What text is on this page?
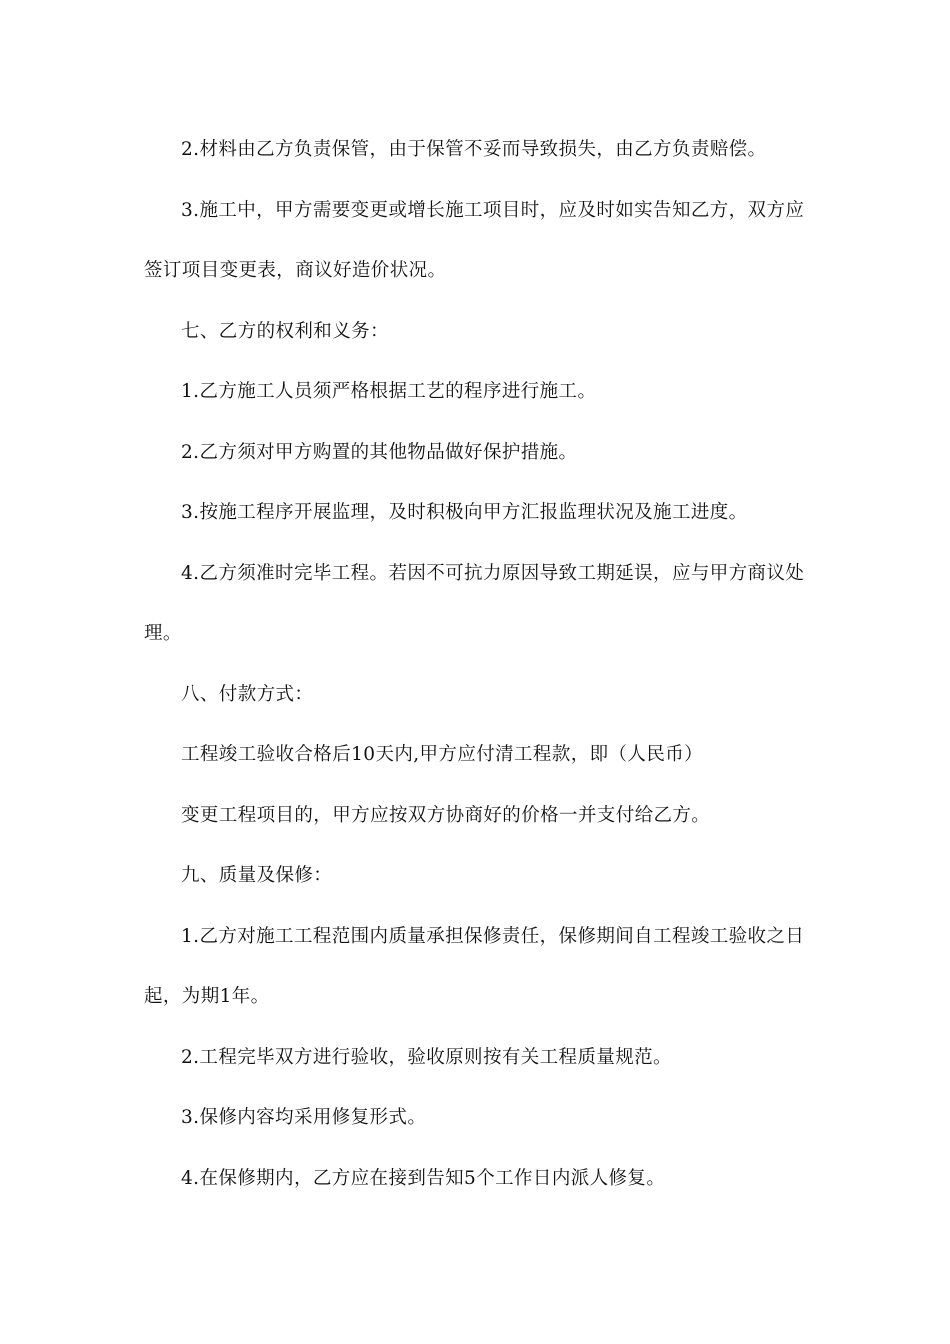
2.材料由乙方负责保管，由于保管不妥而导致损失，由乙方负责赔偿。

3.施工中，甲方需要变更或增长施工项目时，应及时如实告知乙方，双方应签订项目变更表，商议好造价状况。

七、乙方的权利和义务：

1.乙方施工人员须严格根据工艺的程序进行施工。

2.乙方须对甲方购置的其他物品做好保护措施。

3.按施工程序开展监理，及时积极向甲方汇报监理状况及施工进度。

4.乙方须准时完毕工程。若因不可抗力原因导致工期延误，应与甲方商议处理。

八、付款方式：

工程竣工验收合格后10天内,甲方应付清工程款，即（人民币）

变更工程项目的，甲方应按双方协商好的价格一并支付给乙方。

九、质量及保修：

1.乙方对施工工程范围内质量承担保修责任，保修期间自工程竣工验收之日起，为期1年。

2.工程完毕双方进行验收，验收原则按有关工程质量规范。

3.保修内容均采用修复形式。

4.在保修期内，乙方应在接到告知5个工作日内派人修复。
